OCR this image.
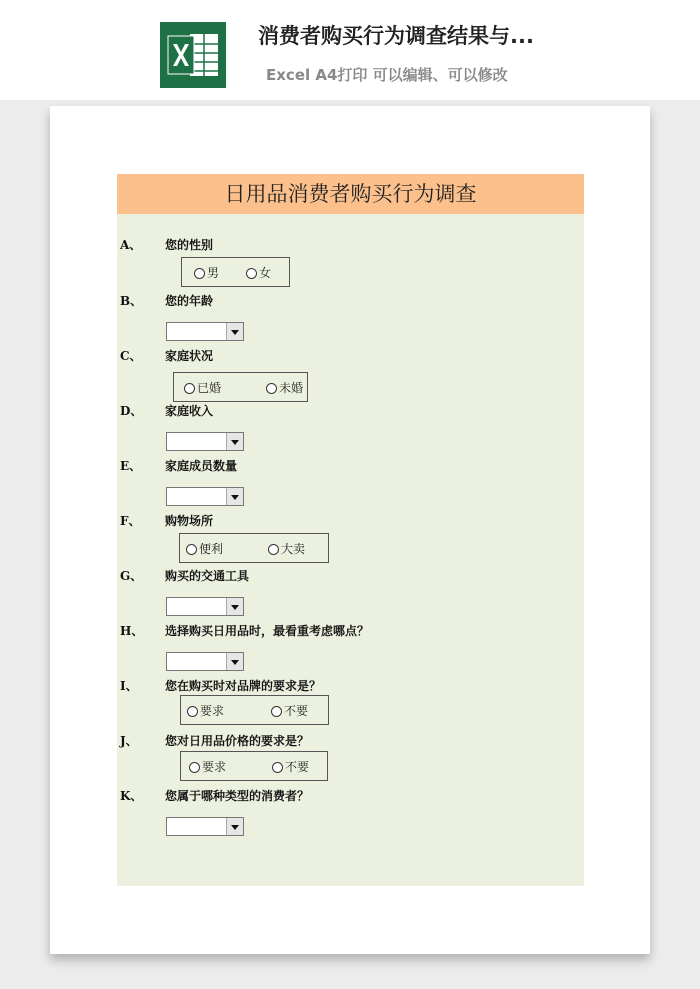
消费者购买行为调查结果与...
Excel A4打印 可以编辑、可以修改
日用品消费者购买行为调查
A、 您的性别
男	女
B、 您的年龄
C、 家庭状况
已婚	未婚
D、 家庭收入
E、 家庭成员数量
F、 购物场所
便利	大卖
G、 购买的交通工具
H、 选择购买日用品时，最看重考虑哪点？
I、 您在购买时对品牌的要求是？
要求	不要
J、 您对日用品价格的要求是？
要求	不要
K、 您属于哪种类型的消费者？
